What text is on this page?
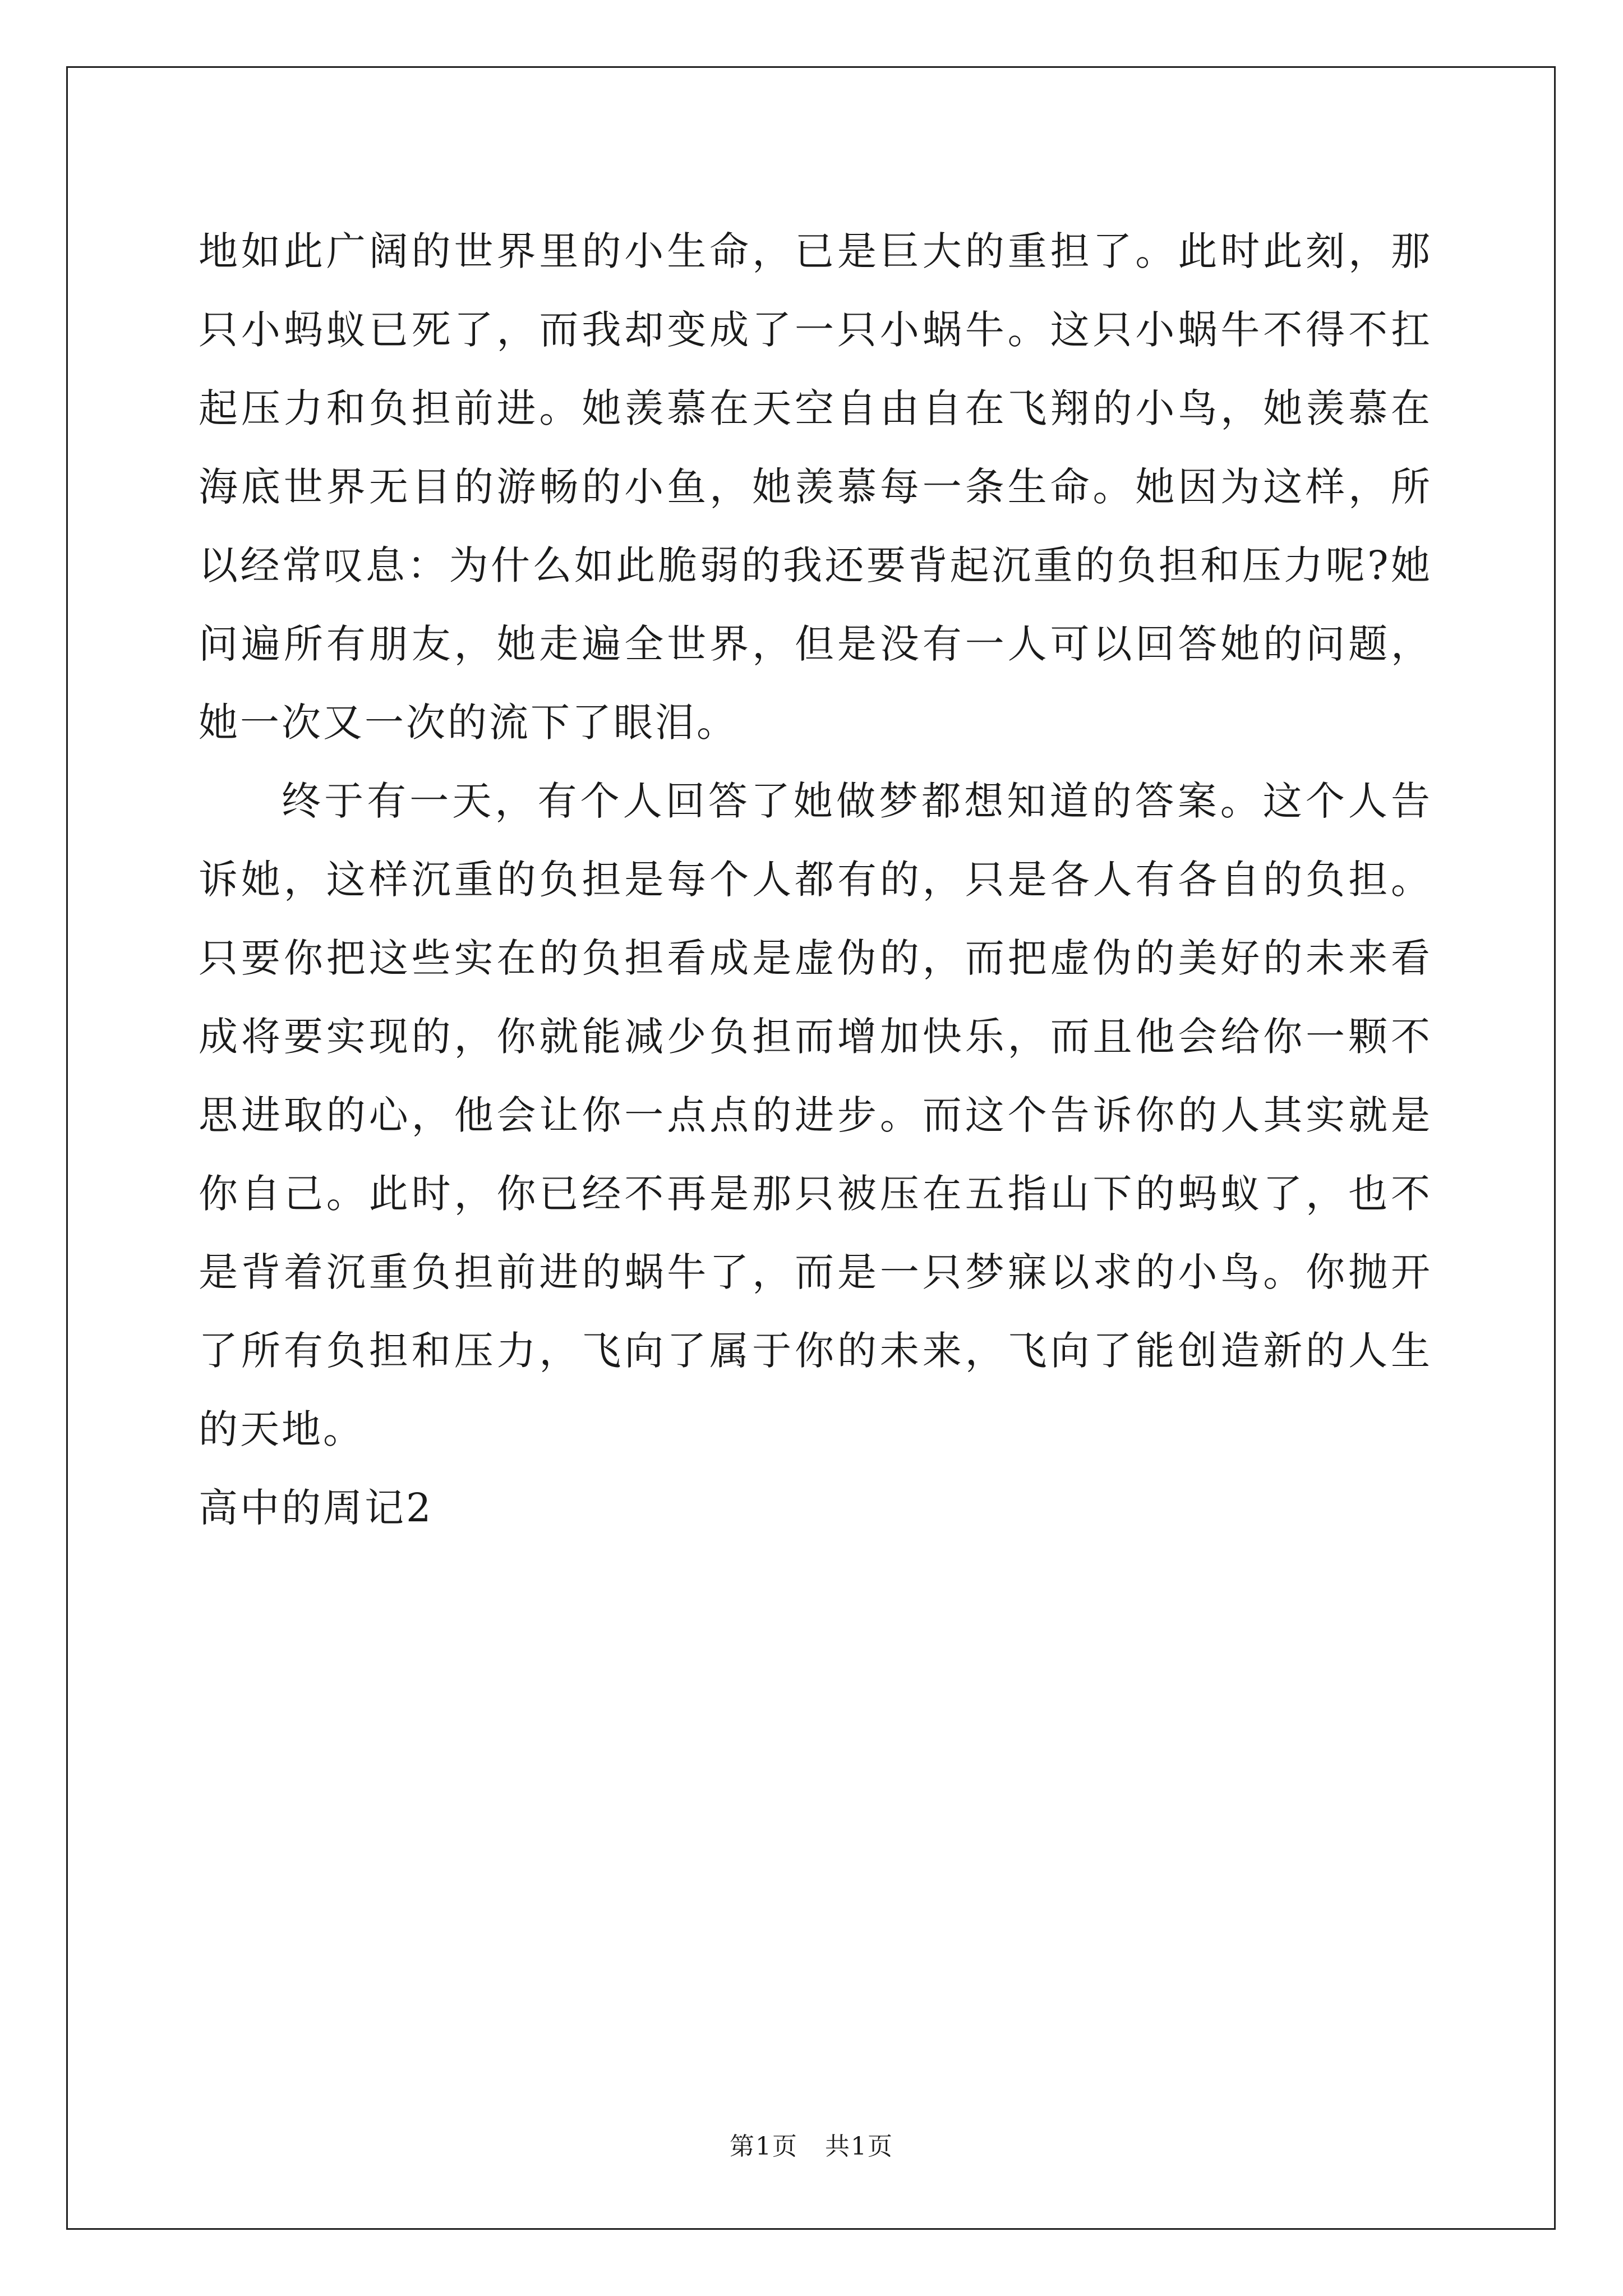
地如此广阔的世界里的小生命，已是巨大的重担了。此时此刻，那只小蚂蚁已死了，而我却变成了一只小蜗牛。这只小蜗牛不得不扛起压力和负担前进。她羡慕在天空自由自在飞翔的小鸟，她羡慕在海底世界无目的游畅的小鱼，她羡慕每一条生命。她因为这样，所以经常叹息：为什么如此脆弱的我还要背起沉重的负担和压力呢?她问遍所有朋友，她走遍全世界，但是没有一人可以回答她的问题，她一次又一次的流下了眼泪。

终于有一天，有个人回答了她做梦都想知道的答案。这个人告诉她，这样沉重的负担是每个人都有的，只是各人有各自的负担。只要你把这些实在的负担看成是虚伪的，而把虚伪的美好的未来看成将要实现的，你就能减少负担而增加快乐，而且他会给你一颗不思进取的心，他会让你一点点的进步。而这个告诉你的人其实就是你自己。此时，你已经不再是那只被压在五指山下的蚂蚁了，也不是背着沉重负担前进的蜗牛了，而是一只梦寐以求的小鸟。你抛开了所有负担和压力，飞向了属于你的未来，飞向了能创造新的人生的天地。

高中的周记2

第1页 共1页
